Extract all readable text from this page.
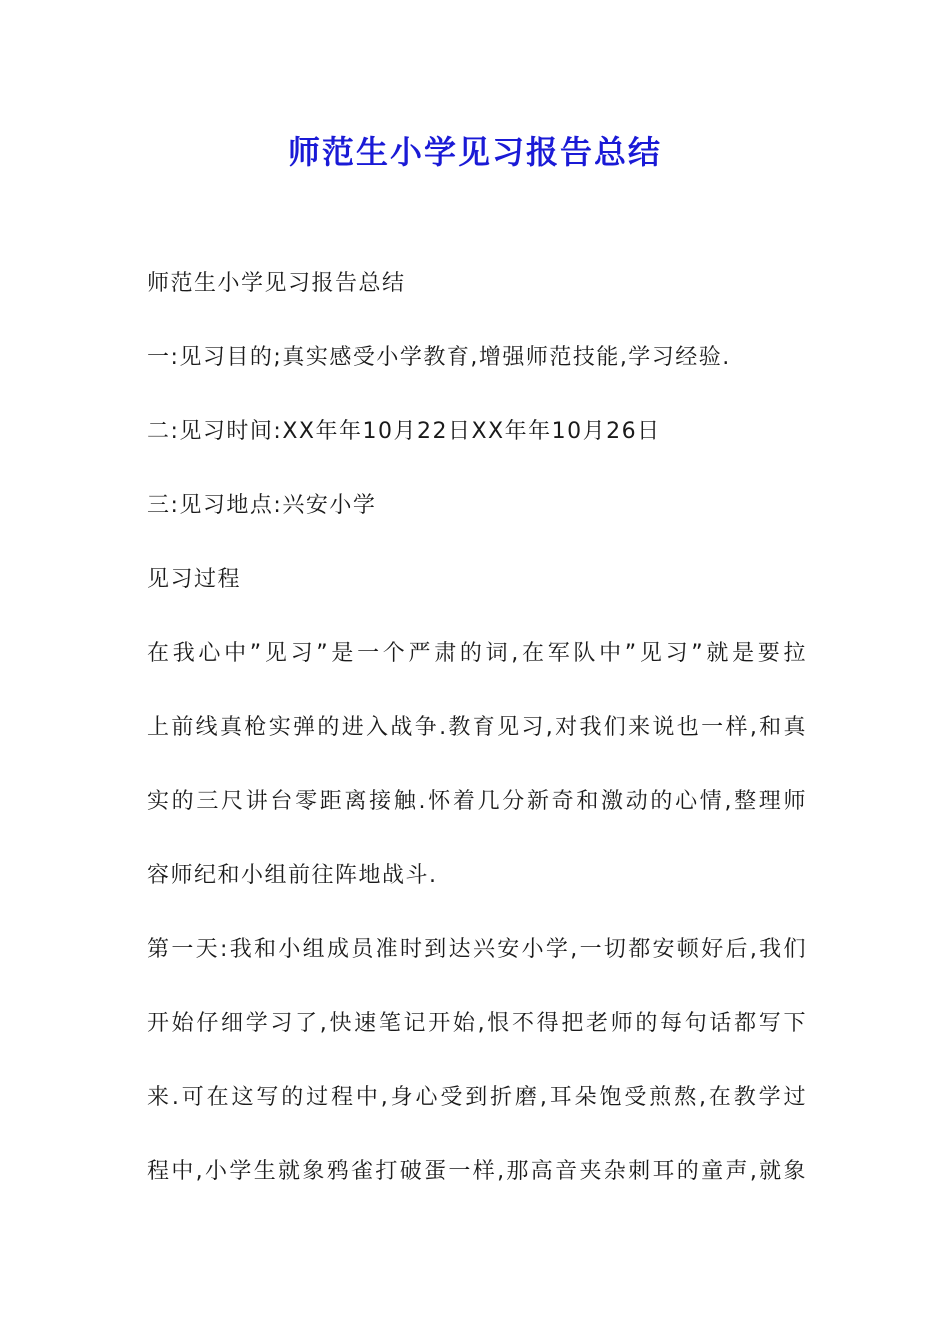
师范生小学见习报告总结

师范生小学见习报告总结

一:见习目的;真实感受小学教育,增强师范技能,学习经验.

二:见习时间:XX年年10月22日XX年年10月26日

三:见习地点:兴安小学

见习过程

在我心中”见习”是一个严肃的词,在军队中”见习”就是要拉
上前线真枪实弹的进入战争.教育见习,对我们来说也一样,和真
实的三尺讲台零距离接触.怀着几分新奇和激动的心情,整理师
容师纪和小组前往阵地战斗.
第一天:我和小组成员准时到达兴安小学,一切都安顿好后,我们
开始仔细学习了,快速笔记开始,恨不得把老师的每句话都写下
来.可在这写的过程中,身心受到折磨,耳朵饱受煎熬,在教学过
程中,小学生就象鸦雀打破蛋一样,那高音夹杂刺耳的童声,就象
